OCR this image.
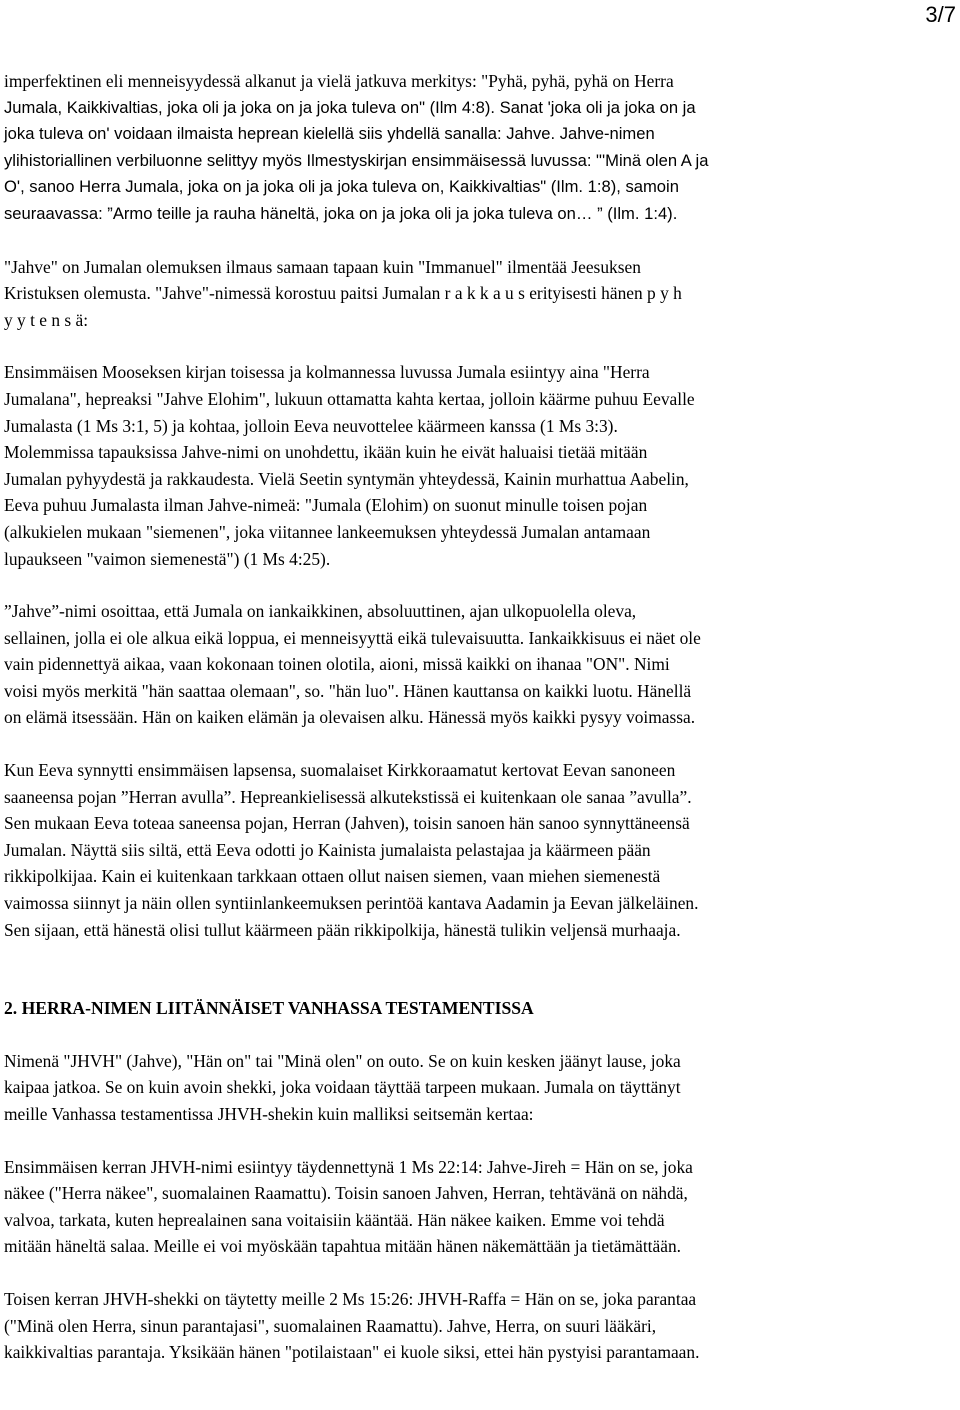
3/7

imperfektinen eli menneisyydessä alkanut ja vielä jatkuva merkitys: "Pyhä, pyhä, pyhä on Herra
Jumala, Kaikkivaltias, joka oli ja joka on ja joka tuleva on" (Ilm 4:8). Sanat 'joka oli ja joka on ja
joka tuleva on' voidaan ilmaista heprean kielellä siis yhdellä sanalla: Jahve. Jahve-nimen
ylihistoriallinen verbiluonne selittyy myös Ilmestyskirjan ensimmäisessä luvussa: "'Minä olen A ja
O', sanoo Herra Jumala, joka on ja joka oli ja joka tuleva on, Kaikkivaltias" (Ilm. 1:8), samoin
seuraavassa: ”Armo teille ja rauha häneltä, joka on ja joka oli ja joka tuleva on… ” (Ilm. 1:4).

"Jahve" on Jumalan olemuksen ilmaus samaan tapaan kuin "Immanuel" ilmentää Jeesuksen
Kristuksen olemusta. "Jahve"-nimessä korostuu paitsi Jumalan r a k k a u s erityisesti hänen p y h
y y t e n s ä:

Ensimmäisen Mooseksen kirjan toisessa ja kolmannessa luvussa Jumala esiintyy aina "Herra
Jumalana", hepreaksi "Jahve Elohim", lukuun ottamatta kahta kertaa, jolloin käärme puhuu Eevalle
Jumalasta (1 Ms 3:1, 5) ja kohtaa, jolloin Eeva neuvottelee käärmeen kanssa (1 Ms 3:3).
Molemmissa tapauksissa Jahve-nimi on unohdettu, ikään kuin he eivät haluaisi tietää mitään
Jumalan pyhyydestä ja rakkaudesta. Vielä Seetin syntymän yhteydessä, Kainin murhattua Aabelin,
Eeva puhuu Jumalasta ilman Jahve-nimeä: "Jumala (Elohim) on suonut minulle toisen pojan
(alkukielen mukaan "siemenen", joka viitannee lankeemuksen yhteydessä Jumalan antamaan
lupaukseen "vaimon siemenestä") (1 Ms 4:25).

”Jahve”-nimi osoittaa, että Jumala on iankaikkinen, absoluuttinen, ajan ulkopuolella oleva,
sellainen, jolla ei ole alkua eikä loppua, ei menneisyyttä eikä tulevaisuutta. Iankaikkisuus ei näet ole
vain pidennettyä aikaa, vaan kokonaan toinen olotila, aioni, missä kaikki on ihanaa "ON". Nimi
voisi myös merkitä "hän saattaa olemaan", so. "hän luo". Hänen kauttansa on kaikki luotu. Hänellä
on elämä itsessään. Hän on kaiken elämän ja olevaisen alku. Hänessä myös kaikki pysyy voimassa.

Kun Eeva synnytti ensimmäisen lapsensa, suomalaiset Kirkkoraamatut kertovat Eevan sanoneen
saaneensa pojan ”Herran avulla”. Hepreankielisessä alkutekstissä ei kuitenkaan ole sanaa ”avulla”.
Sen mukaan Eeva toteaa saneensa pojan, Herran (Jahven), toisin sanoen hän sanoo synnyttäneensä
Jumalan. Näyttä siis siltä, että Eeva odotti jo Kainista jumalaista pelastajaa ja käärmeen pään
rikkipolkijaa. Kain ei kuitenkaan tarkkaan ottaen ollut naisen siemen, vaan miehen siemenestä
vaimossa siinnyt ja näin ollen syntiinlankeemuksen perintöä kantava Aadamin ja Eevan jälkeläinen.
Sen sijaan, että hänestä olisi tullut käärmeen pään rikkipolkija, hänestä tulikin veljensä murhaaja.

2. HERRA-NIMEN LIITÄNNÄISET VANHASSA TESTAMENTISSA

Nimenä "JHVH" (Jahve), "Hän on" tai "Minä olen" on outo. Se on kuin kesken jäänyt lause, joka
kaipaa jatkoa. Se on kuin avoin shekki, joka voidaan täyttää tarpeen mukaan. Jumala on täyttänyt
meille Vanhassa testamentissa JHVH-shekin kuin malliksi seitsemän kertaa:

Ensimmäisen kerran JHVH-nimi esiintyy täydennettynä 1 Ms 22:14: Jahve-Jireh = Hän on se, joka
näkee ("Herra näkee", suomalainen Raamattu). Toisin sanoen Jahven, Herran, tehtävänä on nähdä,
valvoa, tarkata, kuten heprealainen sana voitaisiin kääntää. Hän näkee kaiken. Emme voi tehdä
mitään häneltä salaa. Meille ei voi myöskään tapahtua mitään hänen näkemättään ja tietämättään.

Toisen kerran JHVH-shekki on täytetty meille 2 Ms 15:26: JHVH-Raffa = Hän on se, joka parantaa
("Minä olen Herra, sinun parantajasi", suomalainen Raamattu). Jahve, Herra, on suuri lääkäri,
kaikkivaltias parantaja. Yksikään hänen "potilaistaan" ei kuole siksi, ettei hän pystyisi parantamaan.
